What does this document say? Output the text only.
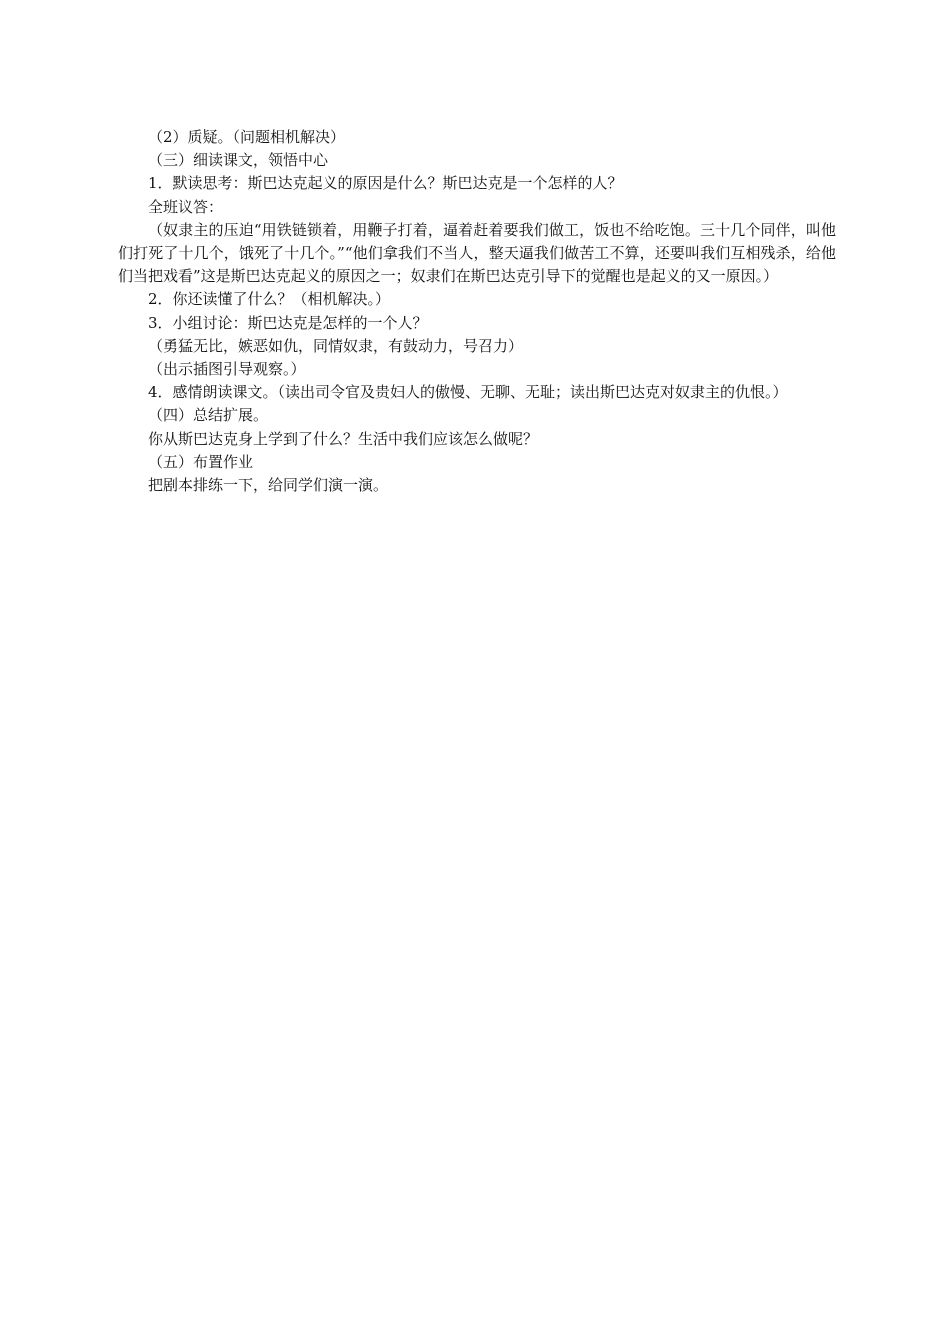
（2）质疑。（问题相机解决）

（三）细读课文，领悟中心

1．默读思考：斯巴达克起义的原因是什么？斯巴达克是一个怎样的人？

全班议答：

（奴隶主的压迫“用铁链锁着，用鞭子打着，逼着赶着要我们做工，饭也不给吃饱。三十几个同伴，叫他们打死了十几个，饿死了十几个。”“他们拿我们不当人，整天逼我们做苦工不算，还要叫我们互相残杀，给他们当把戏看”这是斯巴达克起义的原因之一；奴隶们在斯巴达克引导下的觉醒也是起义的又一原因。）

2．你还读懂了什么？（相机解决。）

3．小组讨论：斯巴达克是怎样的一个人？

（勇猛无比，嫉恶如仇，同情奴隶，有鼓动力，号召力）

（出示插图引导观察。）

4．感情朗读课文。（读出司令官及贵妇人的傲慢、无聊、无耻；读出斯巴达克对奴隶主的仇恨。）

（四）总结扩展。

你从斯巴达克身上学到了什么？生活中我们应该怎么做呢？

（五）布置作业

把剧本排练一下，给同学们演一演。
